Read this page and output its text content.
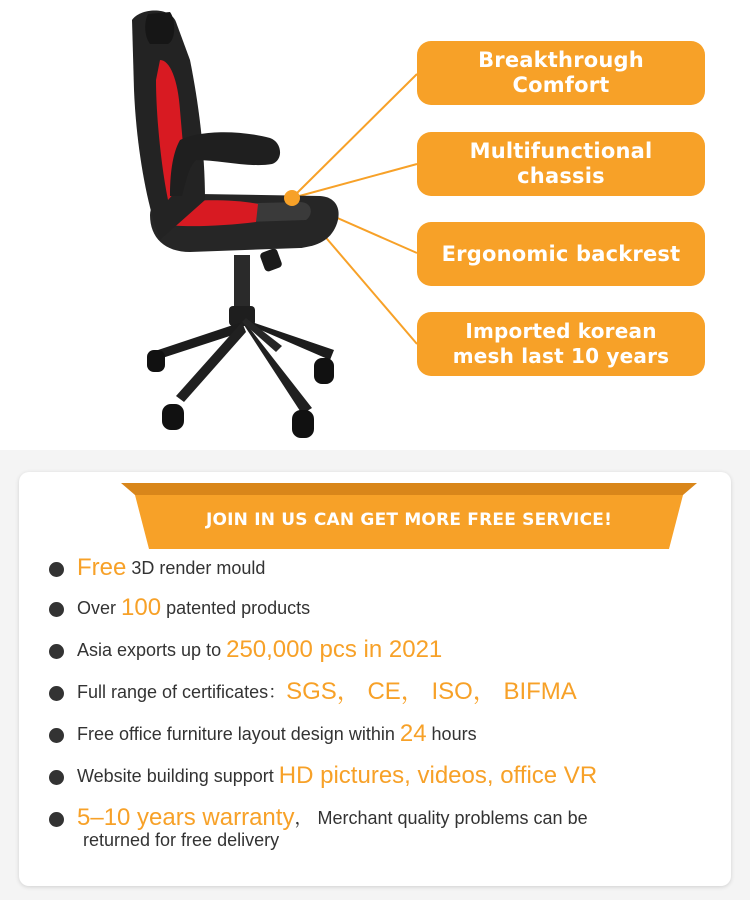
Breakthrough Comfort
Multifunctional chassis
Ergonomic backrest
Imported korean
mesh last 10 years
JOIN IN US CAN GET MORE FREE SERVICE!
Free 3D render mould
Over 100 patented products
Asia exports up to 250,000 pcs in 2021
Full range of certificates：SGS， CE， ISO， BIFMA
Free office furniture layout design within 24 hours
Website building support HD pictures, videos, office VR
5–10 years warranty， Merchant quality problems can be
returned for free delivery
